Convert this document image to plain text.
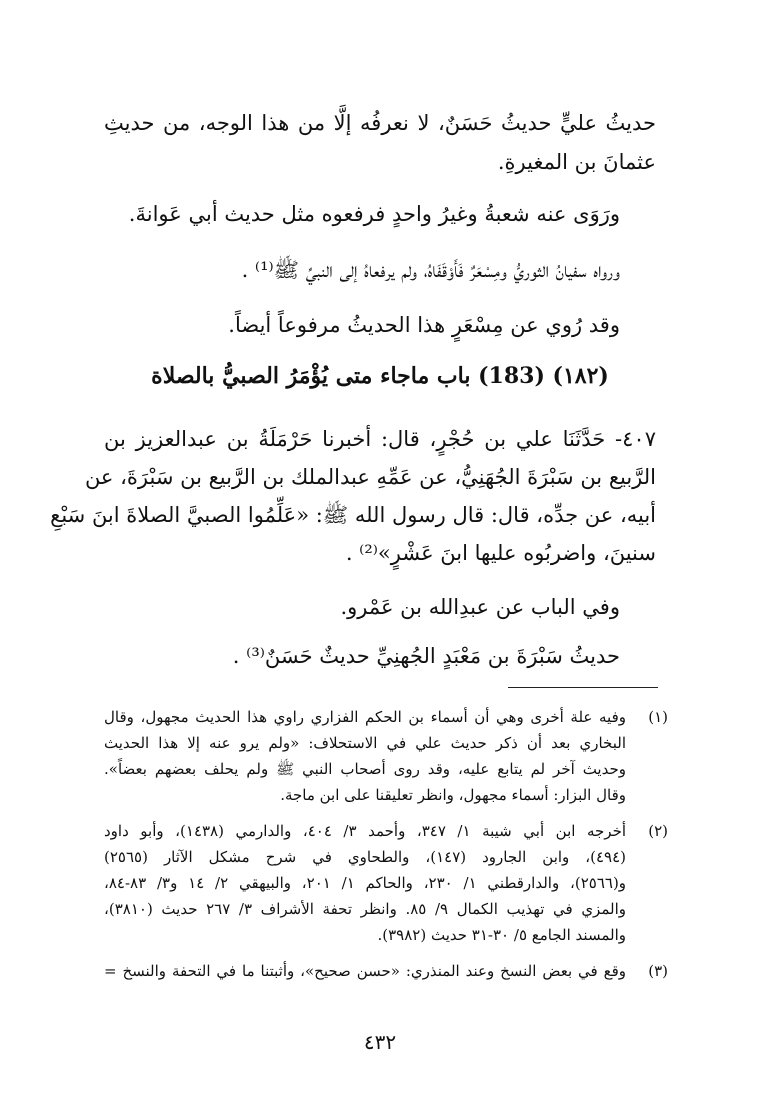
حديثُ عليٍّ حديثُ حَسَنٌ، لا نعرفُه إلَّا من هذا الوجه، من حديثِ
عثمانَ بن المغيرةِ.
ورَوَى عنه شعبةُ وغيرُ واحدٍ فرفعوه مثل حديث أبي عَوانةَ.
ورواه سفيانُ الثوريُّ ومِسْعَرٌ فَأَوْقَفَاهُ، ولم يرفعاهُ إلى النبيِّ ﷺ⁽¹⁾ .
وقد رُوي عن مِسْعَرٍ هذا الحديثُ مرفوعاً أيضاً.
(١٨٢) (183) باب ماجاء متى يُؤْمَرُ الصبيُّ بالصلاة
٤٠٧- حَدَّثَنَا علي بن حُجْرٍ، قال: أخبرنا حَرْمَلَةُ بن عبدالعزيز بن
الرَّبيع بن سَبْرَةَ الجُهَنِيُّ، عن عَمِّهِ عبدالملك بن الرَّبيع بن سَبْرَةَ، عن
أبيه، عن جدِّه، قال: قال رسول الله ﷺ: «عَلِّمُوا الصبيَّ الصلاةَ ابنَ سَبْعِ
سنينَ، واضربُوه عليها ابنَ عَشْرٍ»⁽²⁾ .
وفي الباب عن عبدِالله بن عَمْرو.
حديثُ سَبْرَةَ بن مَعْبَدٍ الجُهنِيِّ حديثٌ حَسَنٌ⁽³⁾ .
(١)
وفيه علة أخرى وهي أن أسماء بن الحكم الفزاري راوي هذا الحديث مجهول، وقال
البخاري بعد أن ذكر حديث علي في الاستحلاف: «ولم يرو عنه إلا هذا الحديث
وحديث آخر لم يتابع عليه، وقد روى أصحاب النبي ﷺ ولم يحلف بعضهم بعضاً».
وقال البزار: أسماء مجهول، وانظر تعليقنا على ابن ماجة.
(٢)
أخرجه ابن أبي شيبة ١/ ٣٤٧، وأحمد ٣/ ٤٠٤، والدارمي (١٤٣٨)، وأبو داود
(٤٩٤)، وابن الجارود (١٤٧)، والطحاوي في شرح مشكل الآثار (٢٥٦٥)
و(٢٥٦٦)، والدارقطني ١/ ٢٣٠، والحاكم ١/ ٢٠١، والبيهقي ٢/ ١٤ و٣/ ٨٣-٨٤،
والمزي في تهذيب الكمال ٩/ ٨٥. وانظر تحفة الأشراف ٣/ ٢٦٧ حديث (٣٨١٠)،
والمسند الجامع ٥/ ٣٠-٣١ حديث (٣٩٨٢).
(٣)
وقع في بعض النسخ وعند المنذري: «حسن صحيح»، وأثبتنا ما في التحفة والنسخ =
٤٣٢
